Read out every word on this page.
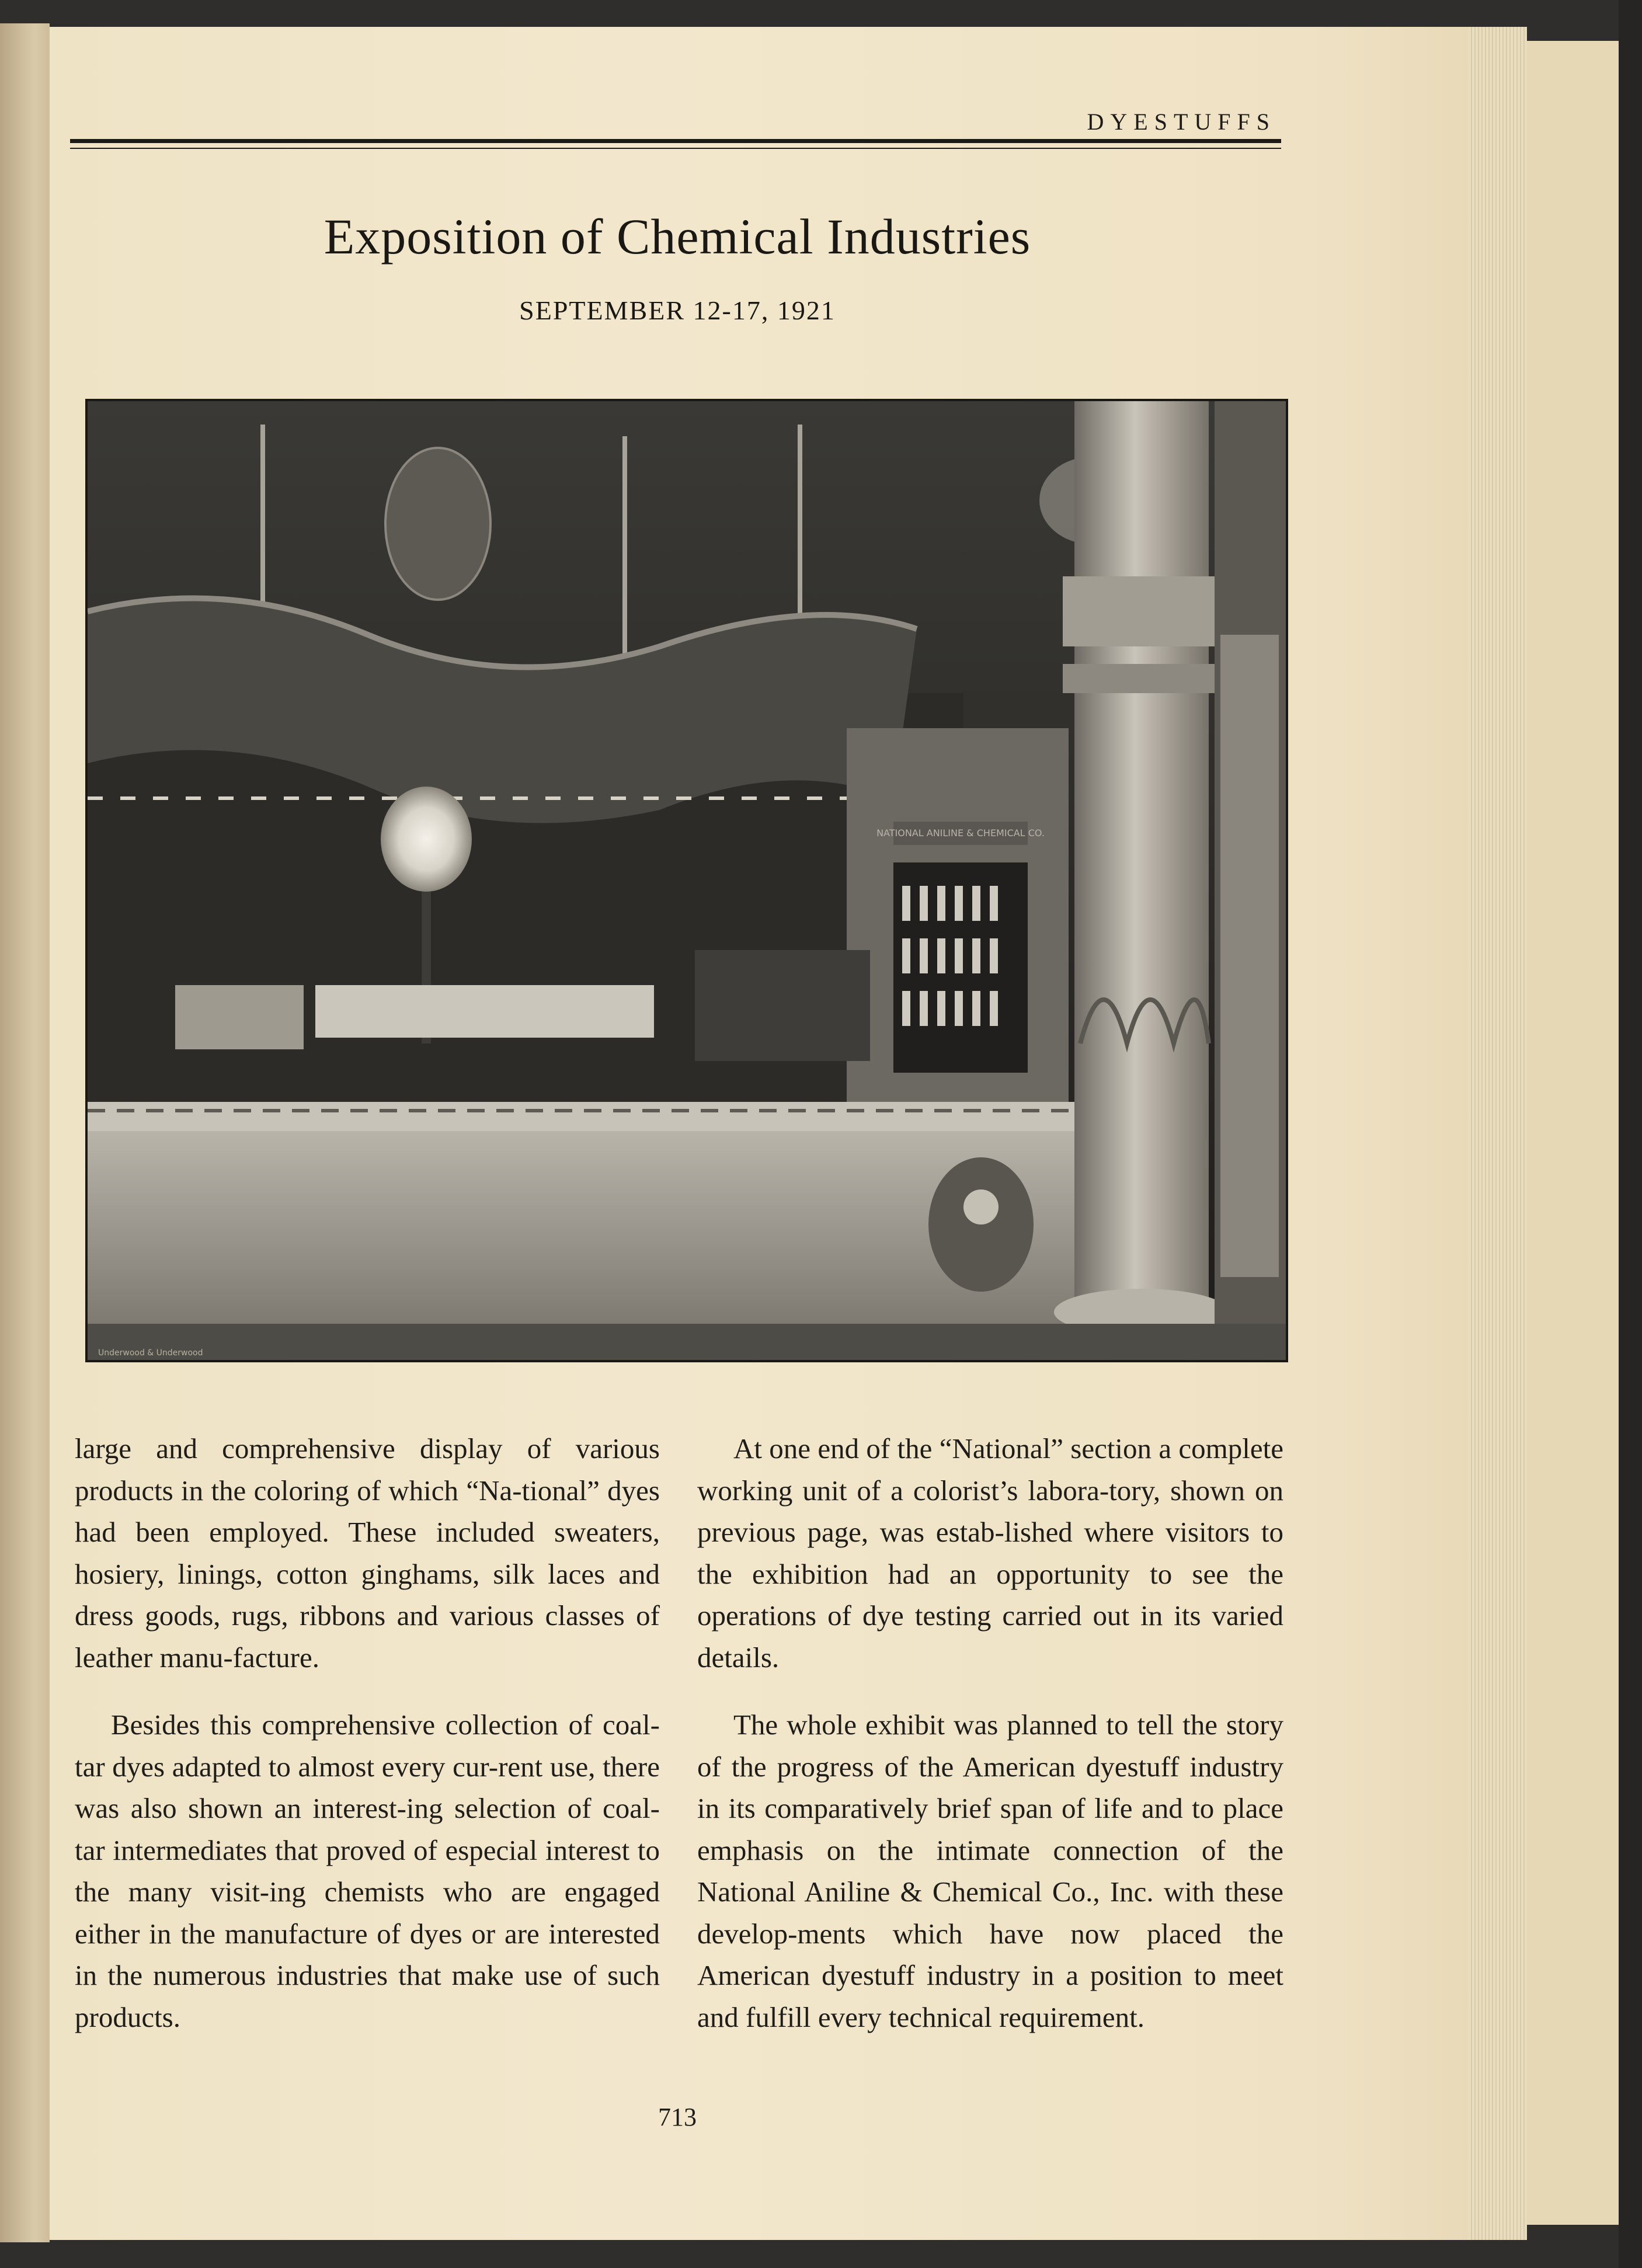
DYESTUFFS
Exposition of Chemical Industries
SEPTEMBER 12-17, 1921
NATIONAL ANILINE & CHEMICAL CO.
Underwood & Underwood

large and comprehensive display of various products in the coloring of which “Na-tional” dyes had been employed. These included sweaters, hosiery, linings, cotton ginghams, silk laces and dress goods, rugs, ribbons and various classes of leather manu-facture.

Besides this comprehensive collection of coal-tar dyes adapted to almost every cur-rent use, there was also shown an interest-ing selection of coal-tar intermediates that proved of especial interest to the many visit-ing chemists who are engaged either in the manufacture of dyes or are interested in the numerous industries that make use of such products.

At one end of the “National” section a complete working unit of a colorist’s labora-tory, shown on previous page, was estab-lished where visitors to the exhibition had an opportunity to see the operations of dye testing carried out in its varied details.

The whole exhibit was planned to tell the story of the progress of the American dyestuff industry in its comparatively brief span of life and to place emphasis on the intimate connection of the National Aniline & Chemical Co., Inc. with these develop-ments which have now placed the American dyestuff industry in a position to meet and fulfill every technical requirement.

713
